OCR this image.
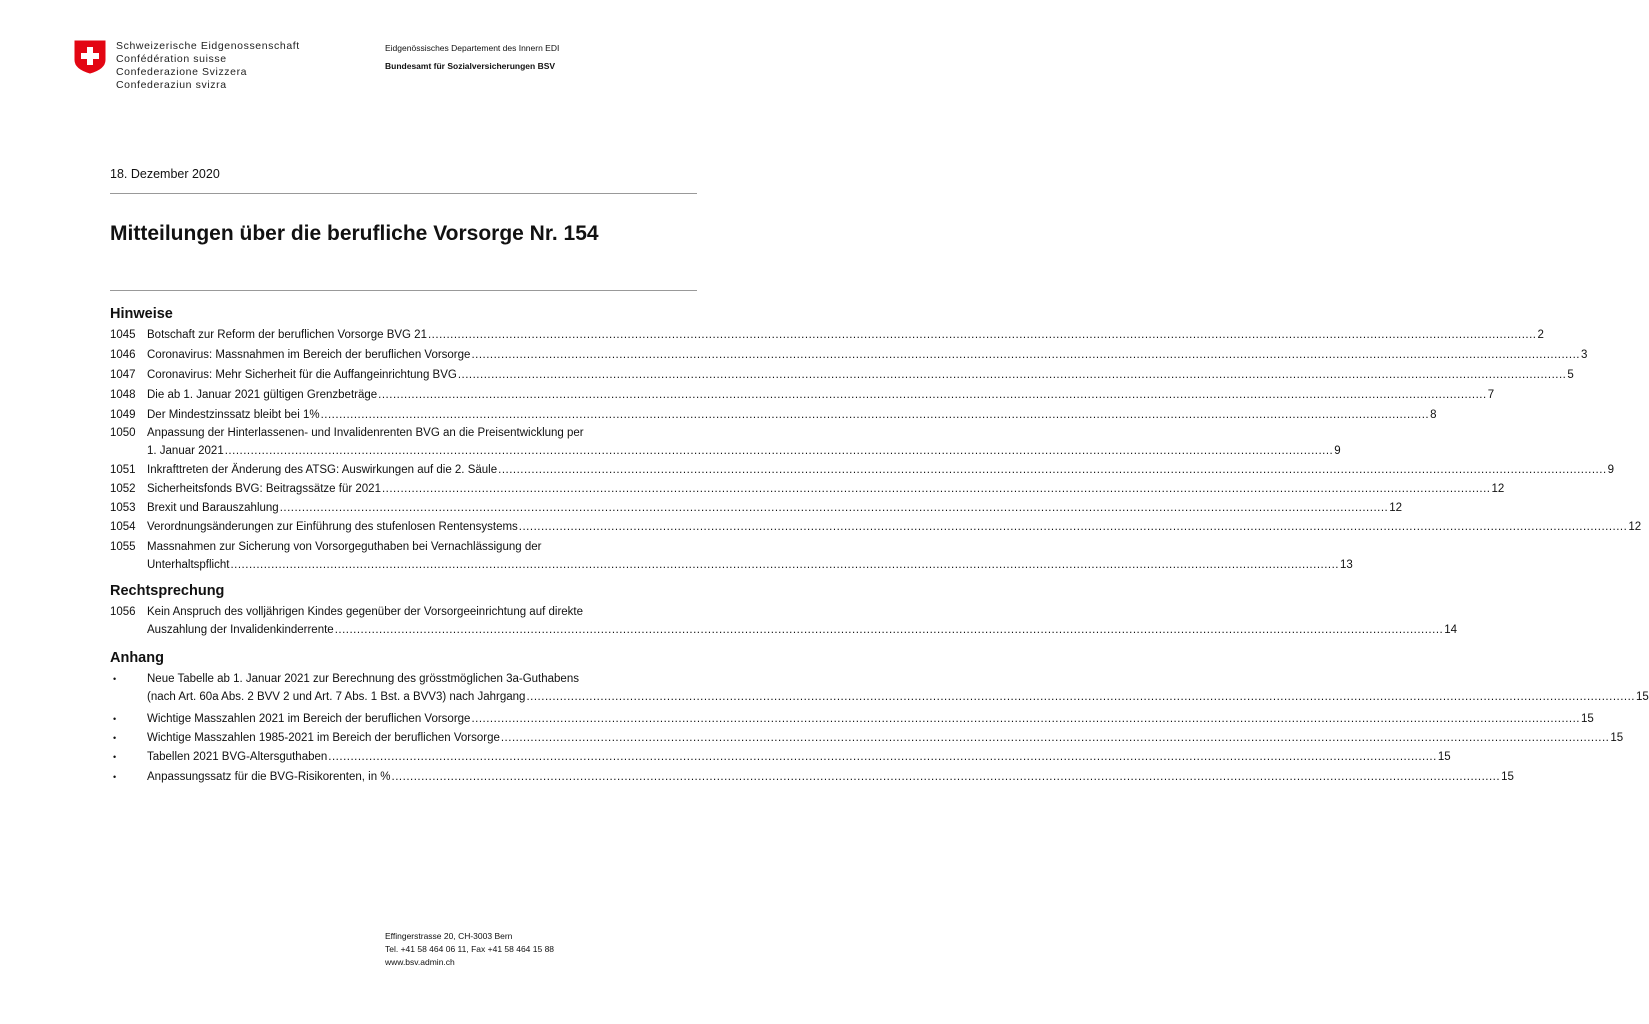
Schweizerische Eidgenossenschaft
Confédération suisse
Confederazione Svizzera
Confederaziun svizra
Eidgenössisches Departement des Innern EDI
Bundesamt für Sozialversicherungen BSV
18. Dezember 2020
Mitteilungen über die berufliche Vorsorge Nr. 154
Hinweise
Rechtsprechung
Anhang
1045 Botschaft zur Reform der beruflichen Vorsorge BVG 21 ............................................................................................................................................................................................................................................................................................................ 2
1046 Coronavirus: Massnahmen im Bereich der beruflichen Vorsorge ............................................................................................................................................................................................................................................................................................................ 3
1047 Coronavirus: Mehr Sicherheit für die Auffangeinrichtung BVG ............................................................................................................................................................................................................................................................................................................ 5
1048 Die ab 1. Januar 2021 gültigen Grenzbeträge ............................................................................................................................................................................................................................................................................................................ 7
1049 Der Mindestzinssatz bleibt bei 1% ............................................................................................................................................................................................................................................................................................................ 8
1050 Anpassung der Hinterlassenen- und Invalidenrenten BVG an die Preisentwicklung per
1. Januar 2021 ............................................................................................................................................................................................................................................................................................................ 9
1051 Inkrafttreten der Änderung des ATSG: Auswirkungen auf die 2. Säule ............................................................................................................................................................................................................................................................................................................ 9
1052 Sicherheitsfonds BVG: Beitragssätze für 2021 ............................................................................................................................................................................................................................................................................................................ 12
1053 Brexit und Barauszahlung ............................................................................................................................................................................................................................................................................................................ 12
1054 Verordnungsänderungen zur Einführung des stufenlosen Rentensystems ............................................................................................................................................................................................................................................................................................................ 12
1055 Massnahmen zur Sicherung von Vorsorgeguthaben bei Vernachlässigung der
Unterhaltspflicht ............................................................................................................................................................................................................................................................................................................ 13
1056 Kein Anspruch des volljährigen Kindes gegenüber der Vorsorgeeinrichtung auf direkte
Auszahlung der Invalidenkinderrente ............................................................................................................................................................................................................................................................................................................ 14
•	Neue Tabelle ab 1. Januar 2021 zur Berechnung des grösstmöglichen 3a-Guthabens
(nach Art. 60a Abs. 2 BVV 2 und Art. 7 Abs. 1 Bst. a BVV3) nach Jahrgang ............................................................................................................................................................................................................................................................................................................ 15
•	Wichtige Masszahlen 2021 im Bereich der beruflichen Vorsorge ............................................................................................................................................................................................................................................................................................................ 15
•	Wichtige Masszahlen 1985-2021 im Bereich der beruflichen Vorsorge ............................................................................................................................................................................................................................................................................................................ 15
•	Tabellen 2021 BVG-Altersguthaben ............................................................................................................................................................................................................................................................................................................ 15
•	Anpassungssatz für die BVG-Risikorenten, in % ............................................................................................................................................................................................................................................................................................................ 15
Effingerstrasse 20, CH-3003 Bern
Tel. +41 58 464 06 11, Fax +41 58 464 15 88
www.bsv.admin.ch
